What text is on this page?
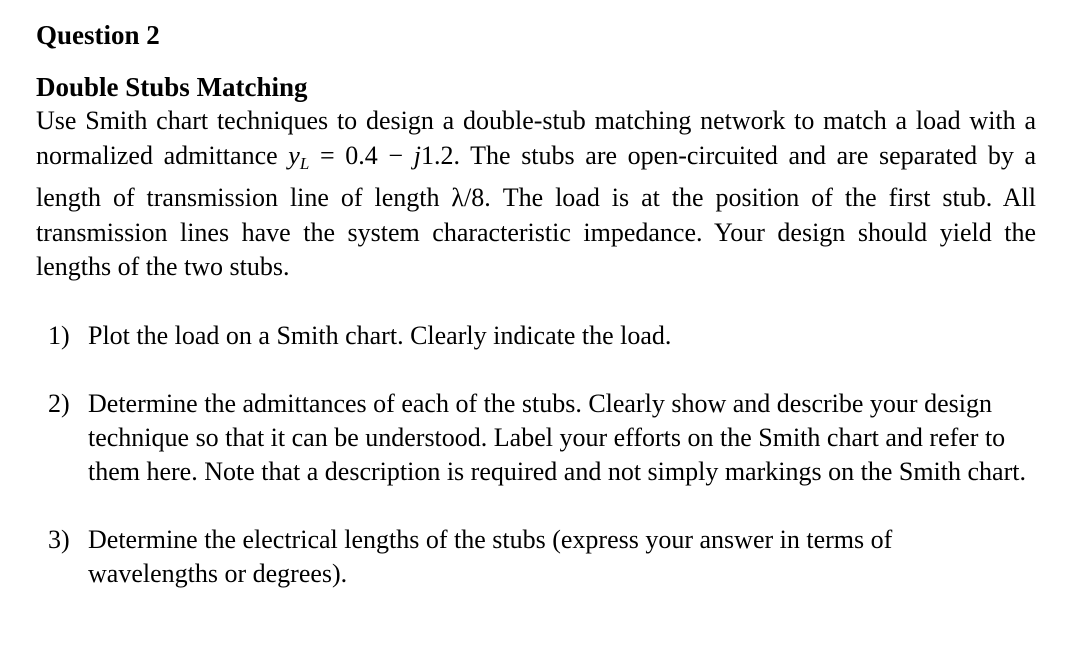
Question 2
Double Stubs Matching

Use Smith chart techniques to design a double-stub matching network to match a load with a normalized admittance yL = 0.4 − j1.2. The stubs are open-circuited and are separated by a length of transmission line of length λ/8. The load is at the position of the first stub. All transmission lines have the system characteristic impedance. Your design should yield the lengths of the two stubs.

1) Plot the load on a Smith chart. Clearly indicate the load.
2) Determine the admittances of each of the stubs. Clearly show and describe your design technique so that it can be understood. Label your efforts on the Smith chart and refer to them here. Note that a description is required and not simply markings on the Smith chart.
3) Determine the electrical lengths of the stubs (express your answer in terms of wavelengths or degrees).
